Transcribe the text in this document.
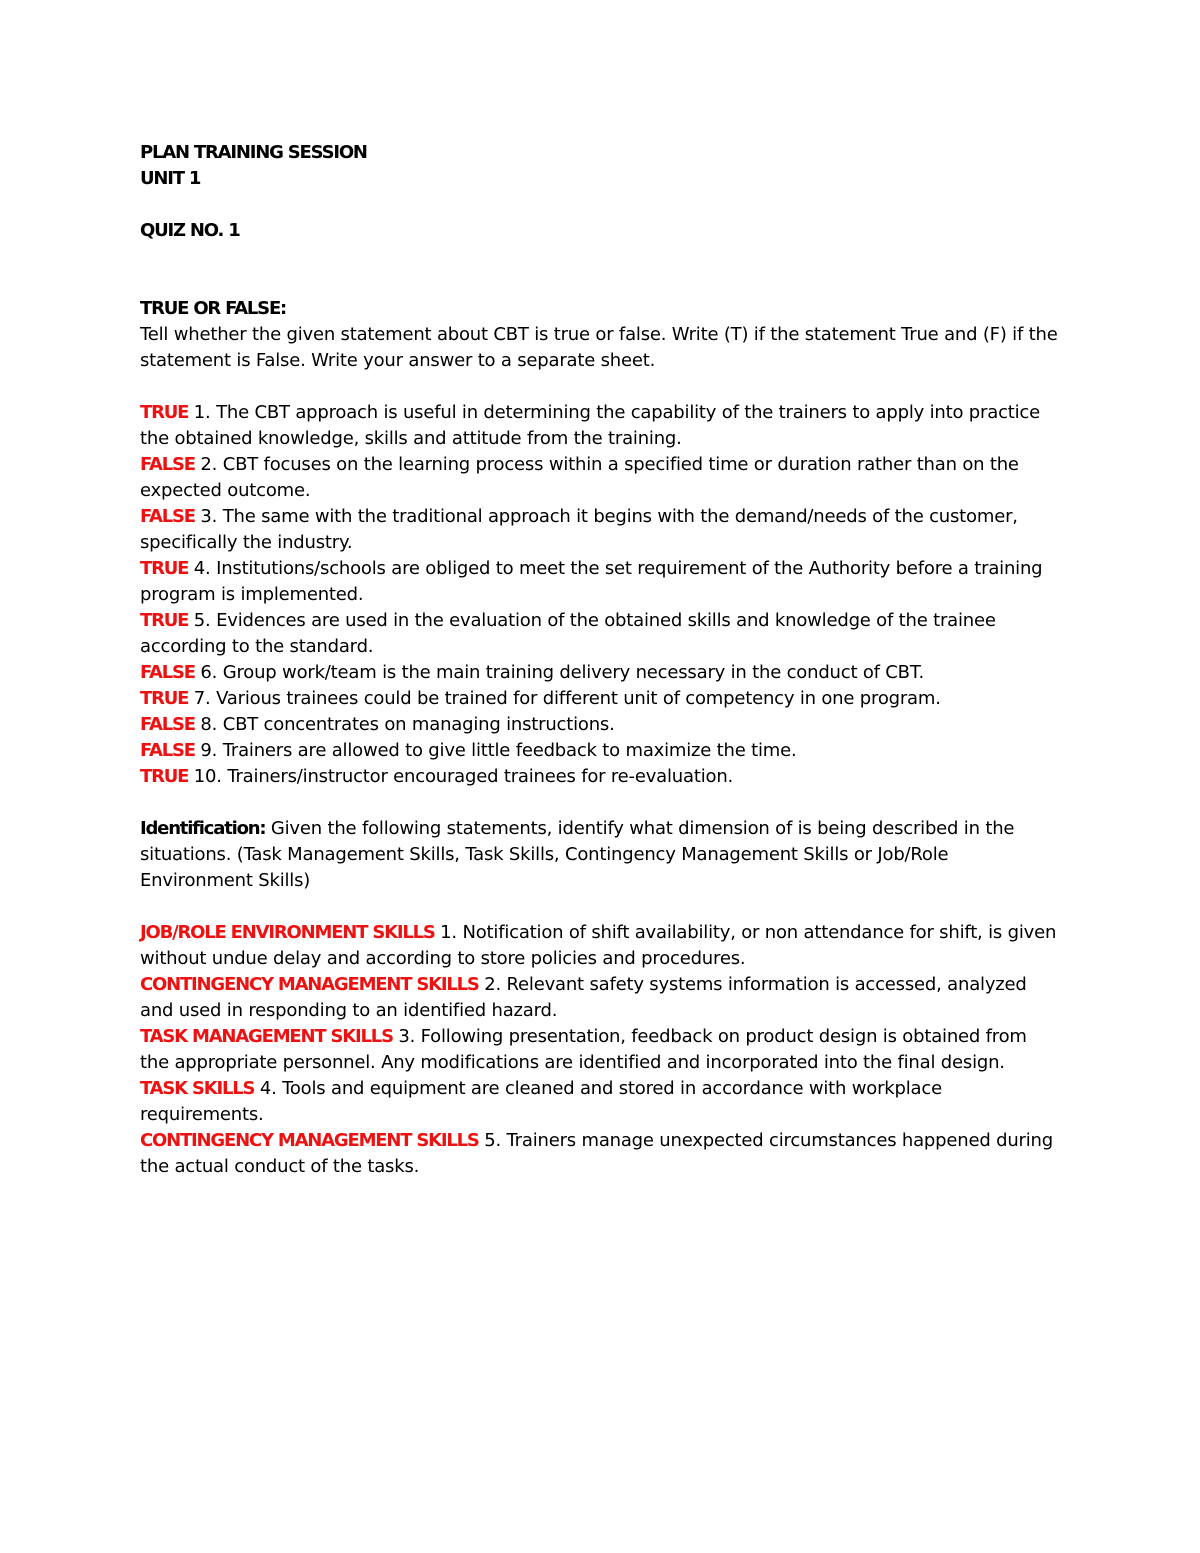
PLAN TRAINING SESSION

UNIT 1

QUIZ NO. 1

TRUE OR FALSE:

Tell whether the given statement about CBT is true or false. Write (T) if the statement True and (F) if the statement is False. Write your answer to a separate sheet.

TRUE 1. The CBT approach is useful in determining the capability of the trainers to apply into practice the obtained knowledge, skills and attitude from the training.

FALSE 2. CBT focuses on the learning process within a specified time or duration rather than on the expected outcome.

FALSE 3. The same with the traditional approach it begins with the demand/needs of the customer, specifically the industry.

TRUE 4. Institutions/schools are obliged to meet the set requirement of the Authority before a training program is implemented.

TRUE 5. Evidences are used in the evaluation of the obtained skills and knowledge of the trainee according to the standard.

FALSE 6. Group work/team is the main training delivery necessary in the conduct of CBT.

TRUE 7. Various trainees could be trained for different unit of competency in one program.

FALSE 8. CBT concentrates on managing instructions.

FALSE 9. Trainers are allowed to give little feedback to maximize the time.

TRUE 10. Trainers/instructor encouraged trainees for re-evaluation.

Identification: Given the following statements, identify what dimension of is being described in the situations. (Task Management Skills, Task Skills, Contingency Management Skills or Job/Role Environment Skills)

JOB/ROLE ENVIRONMENT SKILLS 1. Notification of shift availability, or non attendance for shift, is given without undue delay and according to store policies and procedures.

CONTINGENCY MANAGEMENT SKILLS 2. Relevant safety systems information is accessed, analyzed and used in responding to an identified hazard.

TASK MANAGEMENT SKILLS 3. Following presentation, feedback on product design is obtained from the appropriate personnel. Any modifications are identified and incorporated into the final design.

TASK SKILLS 4. Tools and equipment are cleaned and stored in accordance with workplace requirements.

CONTINGENCY MANAGEMENT SKILLS 5. Trainers manage unexpected circumstances happened during the actual conduct of the tasks.
